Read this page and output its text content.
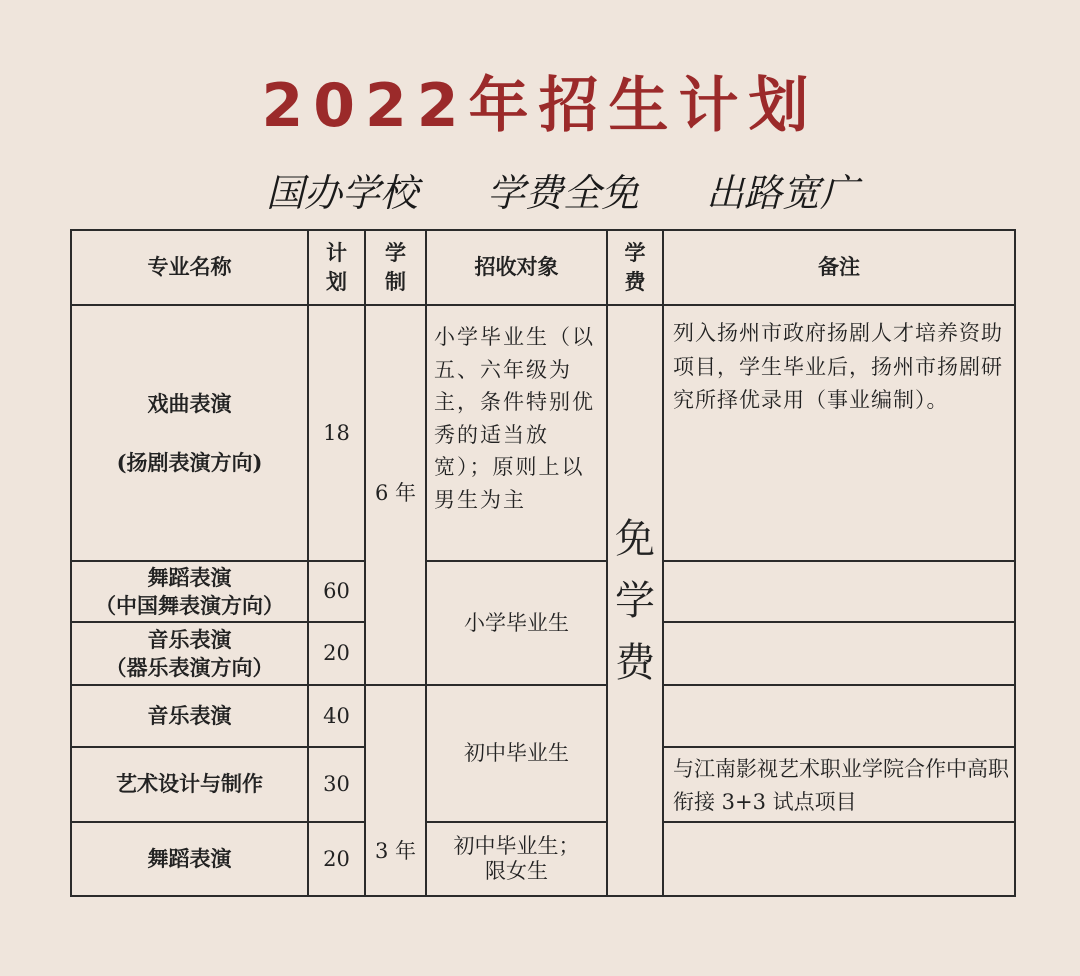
2022年招生计划
国办学校 学费全免 出路宽广
专业名称
计
划
学
制
招收对象
学
费
备注
戏曲表演

(扬剧表演方向)
舞蹈表演
（中国舞表演方向）
音乐表演
（器乐表演方向）
音乐表演
艺术设计与制作
舞蹈表演
18
60
20
40
30
20
6 年
3 年
小学毕业生（以五、六年级为主，条件特别优秀的适当放宽）；原则上以男生为主
小学毕业生
初中毕业生
初中毕业生；
限女生
免
学
费
列入扬州市政府扬剧人才培养资助项目，学生毕业后，扬州市扬剧研究所择优录用（事业编制）。
与江南影视艺术职业学院合作中高职衔接 3+3 试点项目
